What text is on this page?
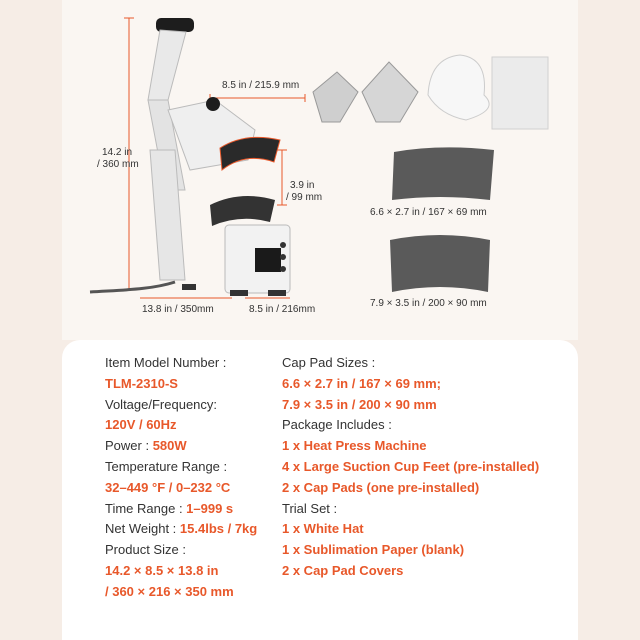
14.2 in
/ 360 mm
8.5 in / 215.9 mm
3.9 in
/ 99 mm
13.8 in / 350mm	8.5 in / 216mm
6.6 × 2.7 in / 167 × 69 mm
7.9 × 3.5 in / 200 × 90 mm
Item Model Number :
TLM-2310-S
Voltage/Frequency:
120V / 60Hz
Power : 580W
Temperature Range :
32–449 °F / 0–232 °C
Time Range : 1–999 s
Net Weight : 15.4lbs / 7kg
Product Size :
14.2 × 8.5 × 13.8 in
/ 360 × 216 × 350 mm
Cap Pad Sizes :
6.6 × 2.7 in / 167 × 69 mm;
7.9 × 3.5 in / 200 × 90 mm
Package Includes :
1 x Heat Press Machine
4 x Large Suction Cup Feet (pre-installed)
2 x Cap Pads (one pre-installed)
Trial Set :
1 x White Hat
1 x Sublimation Paper (blank)
2 x Cap Pad Covers
